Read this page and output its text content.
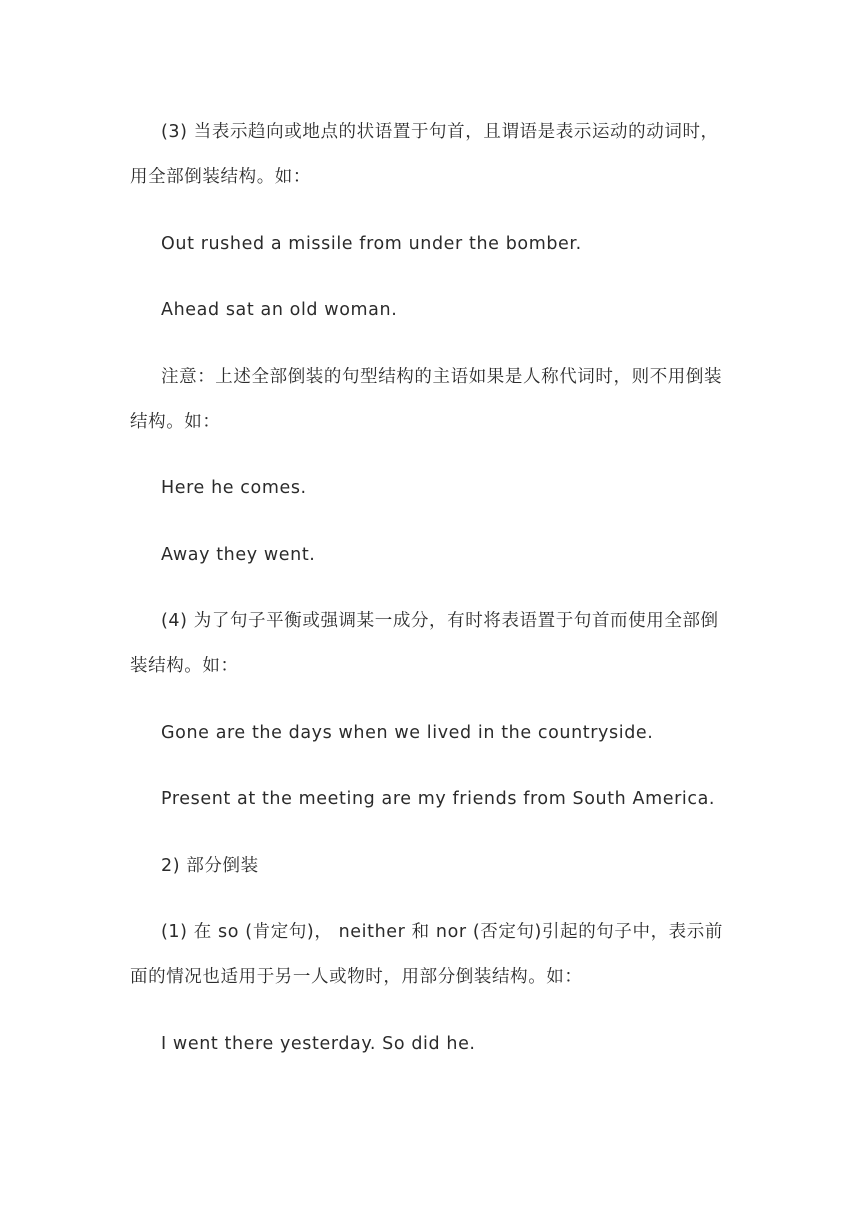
(3) 当表示趋向或地点的状语置于句首，且谓语是表示运动的动词时，用全部倒装结构。如：

Out rushed a missile from under the bomber.

Ahead sat an old woman.

注意：上述全部倒装的句型结构的主语如果是人称代词时，则不用倒装结构。如：

Here he comes.

Away they went.

(4) 为了句子平衡或强调某一成分，有时将表语置于句首而使用全部倒装结构。如：

Gone are the days when we lived in the countryside.

Present at the meeting are my friends from South America.

2) 部分倒装

(1) 在 so (肯定句)， neither 和 nor (否定句)引起的句子中，表示前面的情况也适用于另一人或物时，用部分倒装结构。如：

I went there yesterday. So did he.
